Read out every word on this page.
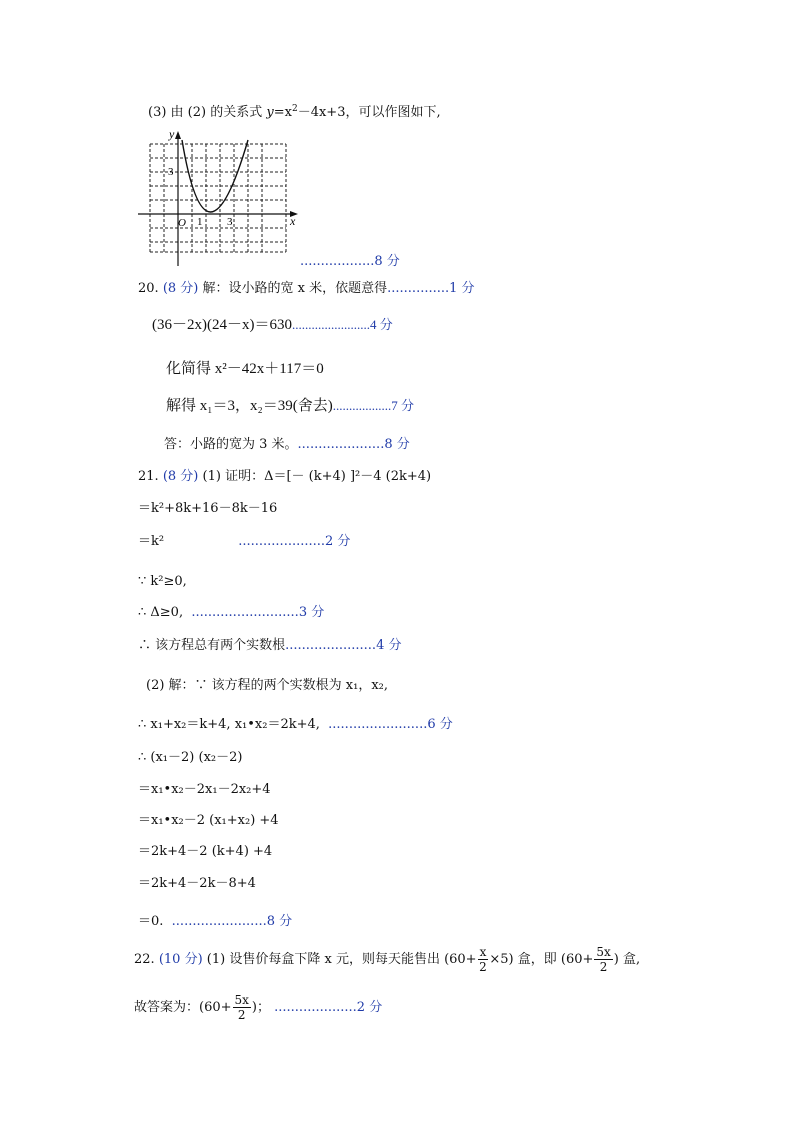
(3) 由 (2) 的关系式 $y=x^2-4x+3$，可以作图如下,
y
x
O
3
1 3
..................8 分
20. (8 分) 解：设小路的宽 x 米，依题意得...............1 分
(36－2x)(24－x)＝630........................4 分
化简得 x²－42x＋117＝0
解得 x₁＝3，x₂＝39(舍去)..................7 分
答：小路的宽为 3 米。.....................8 分
21. (8 分) (1) 证明：Δ＝[－ (k+4) ]²－4 (2k+4)
＝k²+8k+16－8k－16
＝k²	.....................2 分
∵ k²≥0,
∴ Δ≥0, ..........................3 分
∴ 该方程总有两个实数根......................4 分
(2) 解：∵ 该方程的两个实数根为 x₁，x₂,
∴ x₁+x₂＝k+4, x₁•x₂＝2k+4, ........................6 分
∴ (x₁－2) (x₂－2)
＝x₁•x₂－2x₁－2x₂+4
＝x₁•x₂－2 (x₁+x₂) +4
＝2k+4－2 (k+4) +4
＝2k+4－2k－8+4
＝0. .......................8 分
22. (10 分) (1) 设售价每盒下降 x 元，则每天能售出 $(60+ \frac{x}{2} \times 5)$ 盒，即 ($60+ \frac{5x}{2}$ ) 盒,
故答案为：($60+ \frac{5x}{2}$ )； ....................2 分
